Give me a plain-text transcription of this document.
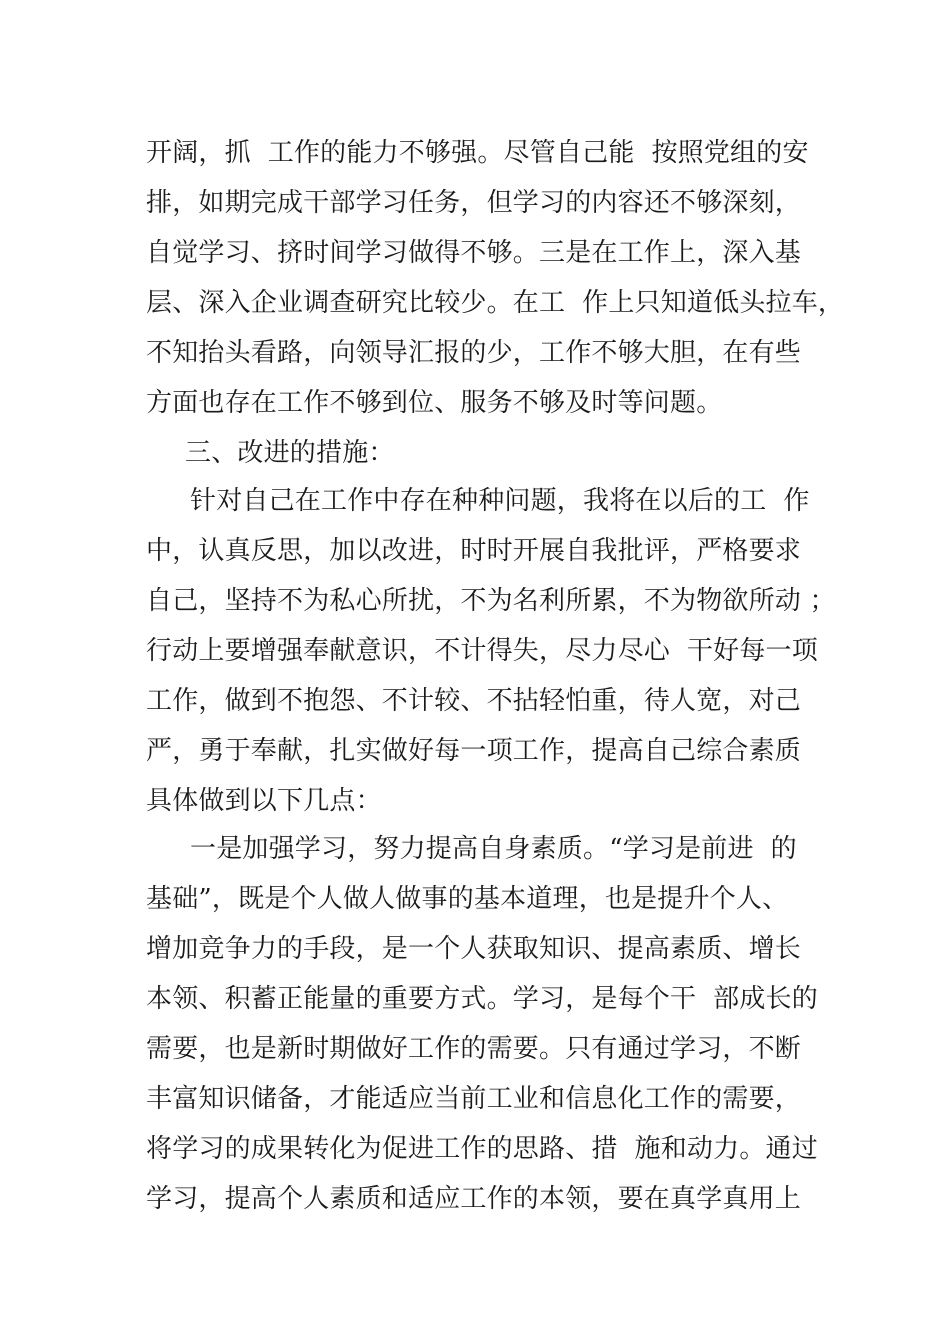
开阔，抓  工作的能力不够强。尽管自己能  按照党组的安
排，如期完成干部学习任务，但学习的内容还不够深刻，
自觉学习、挤时间学习做得不够。三是在工作上，深入基
层、深入企业调查研究比较少。在工  作上只知道低头拉车，
不知抬头看路，向领导汇报的少，工作不够大胆，在有些
方面也存在工作不够到位、服务不够及时等问题。
三、改进的措施：
针对自己在工作中存在种种问题，我将在以后的工  作
中，认真反思，加以改进，时时开展自我批评，严格要求
自己，坚持不为私心所扰，不为名利所累，不为物欲所动 ；
行动上要增强奉献意识，不计得失，尽力尽心  干好每一项
工作，做到不抱怨、不计较、不拈轻怕重，待人宽，对己
严，勇于奉献，扎实做好每一项工作，提高自己综合素质
具体做到以下几点：
一是加强学习，努力提高自身素质。“学习是前进  的
基础”，既是个人做人做事的基本道理，也是提升个人、
增加竞争力的手段，是一个人获取知识、提高素质、增长
本领、积蓄正能量的重要方式。学习，是每个干  部成长的
需要，也是新时期做好工作的需要。只有通过学习，不断
丰富知识储备，才能适应当前工业和信息化工作的需要，
将学习的成果转化为促进工作的思路、措  施和动力。通过
学习，提高个人素质和适应工作的本领，要在真学真用上
